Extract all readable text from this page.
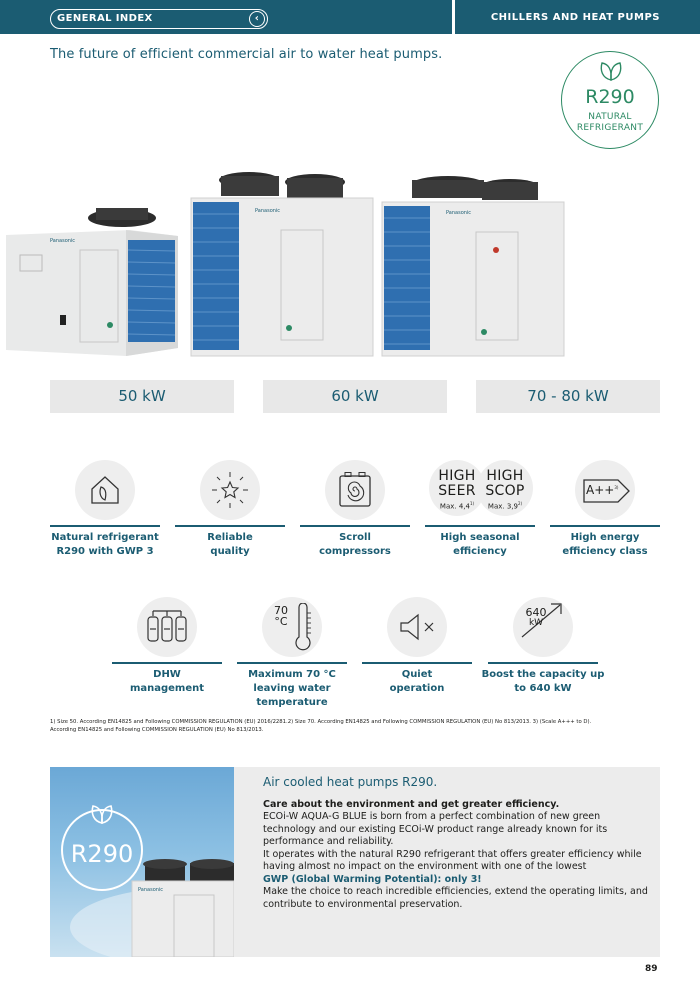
GENERAL INDEX	‹	CHILLERS AND HEAT PUMPS
The future of efficient commercial air to water heat pumps.
R290
NATURAL
REFRIGERANT
Panasonic

Panasonic
	Panasonic
50 kW	60 kW	70 - 80 kW
Natural refrigerant
R290 with GWP 3
Reliable
quality
Scroll
compressors
HIGH
SEER
Max. 4,4$^{1)}$
HIGH
SCOP
Max. 3,9$^{2)}$
High seasonal
efficiency
A++$^{3)}$
High energy
efficiency class
DHW
management
70
°C
Maximum 70 °C
leaving water
temperature
Quiet
operation
640
kW
Boost the capacity up
to 640 kW
1) Size 50. According EN14825 and Following COMMISSION REGULATION (EU) 2016/2281.2) Size 70. According EN14825 and Following COMMISSION REGULATION (EU) No 813/2013. 3) (Scale A+++ to D).
According EN14825 and Following COMMISSION REGULATION (EU) No 813/2013.
R290
Panasonic
Air cooled heat pumps R290.
Care about the environment and get greater efficiency.
ECOi-W AQUA-G BLUE is born from a perfect combination of new green technology and our existing ECOi-W product range already known for its performance and reliability.
It operates with the natural R290 refrigerant that offers greater efficiency while having almost no impact on the environment with one of the lowest
GWP (Global Warming Potential): only 3!
Make the choice to reach incredible efficiencies, extend the operating limits, and contribute to environmental preservation.
89
